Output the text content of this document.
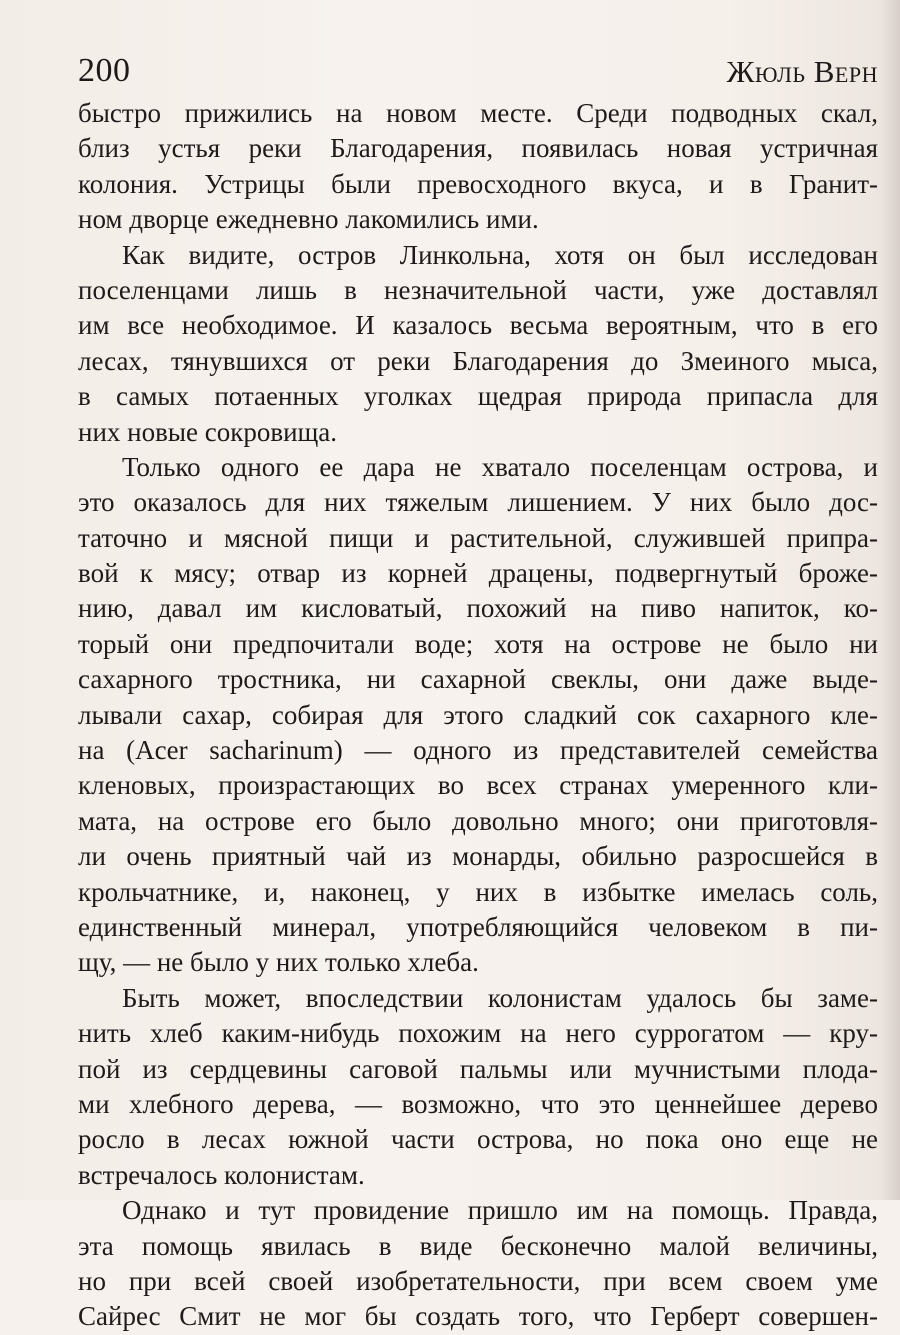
200	Жюль Верн
быстро прижились на новом месте. Среди подводных скал,
близ устья реки Благодарения, появилась новая устричная
колония. Устрицы были превосходного вкуса, и в Гранит-
ном дворце ежедневно лакомились ими.
Как видите, остров Линкольна, хотя он был исследован
поселенцами лишь в незначительной части, уже доставлял
им все необходимое. И казалось весьма вероятным, что в его
лесах, тянувшихся от реки Благодарения до Змеиного мыса,
в самых потаенных уголках щедрая природа припасла для
них новые сокровища.
Только одного ее дара не хватало поселенцам острова, и
это оказалось для них тяжелым лишением. У них было дос-
таточно и мясной пищи и растительной, служившей припра-
вой к мясу; отвар из корней драцены, подвергнутый броже-
нию, давал им кисловатый, похожий на пиво напиток, ко-
торый они предпочитали воде; хотя на острове не было ни
сахарного тростника, ни сахарной свеклы, они даже выде-
лывали сахар, собирая для этого сладкий сок сахарного кле-
на (Acer sacharinum) — одного из представителей семейства
кленовых, произрастающих во всех странах умеренного кли-
мата, на острове его было довольно много; они приготовля-
ли очень приятный чай из монарды, обильно разросшейся в
крольчатнике, и, наконец, у них в избытке имелась соль,
единственный минерал, употребляющийся человеком в пи-
щу, — не было у них только хлеба.
Быть может, впоследствии колонистам удалось бы заме-
нить хлеб каким-нибудь похожим на него суррогатом — кру-
пой из сердцевины саговой пальмы или мучнистыми плода-
ми хлебного дерева, — возможно, что это ценнейшее дерево
росло в лесах южной части острова, но пока оно еще не
встречалось колонистам.
Однако и тут провидение пришло им на помощь. Правда,
эта помощь явилась в виде бесконечно малой величины,
но при всей своей изобретательности, при всем своем уме
Сайрес Смит не мог бы создать того, что Герберт совершен-
